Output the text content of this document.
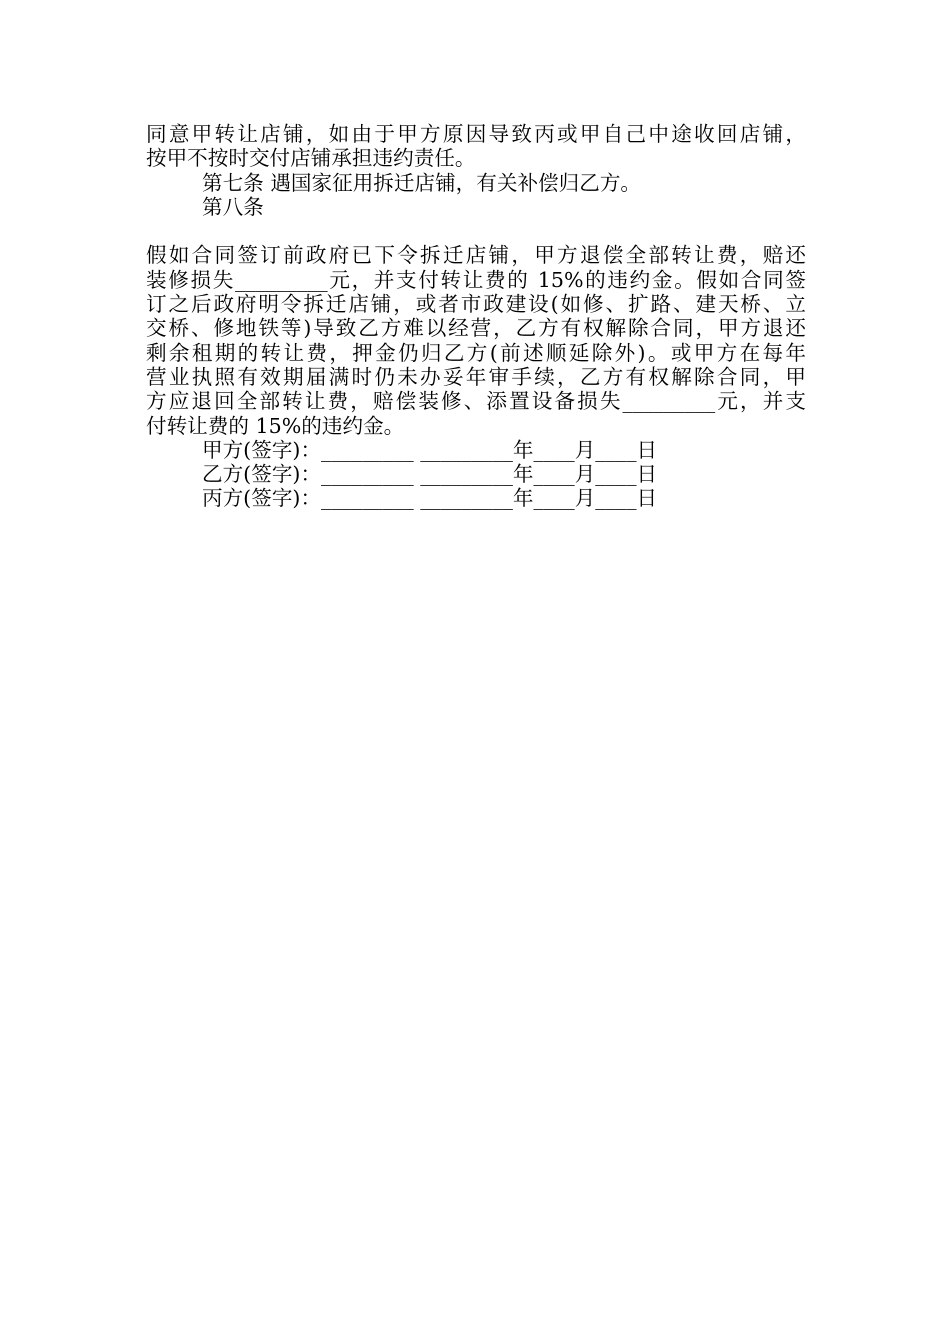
同意甲转让店铺，如由于甲方原因导致丙或甲自己中途收回店铺，
按甲不按时交付店铺承担违约责任。
第七条 遇国家征用拆迁店铺，有关补偿归乙方。
第八条
假如合同签订前政府已下令拆迁店铺，甲方退偿全部转让费，赔还
装修损失_________元，并支付转让费的 15%的违约金。假如合同签
订之后政府明令拆迁店铺，或者市政建设(如修、扩路、建天桥、立
交桥、修地铁等)导致乙方难以经营，乙方有权解除合同，甲方退还
剩余租期的转让费，押金仍归乙方(前述顺延除外)。或甲方在每年
营业执照有效期届满时仍未办妥年审手续，乙方有权解除合同，甲
方应退回全部转让费，赔偿装修、添置设备损失_________元，并支
付转让费的 15%的违约金。
甲方(签字)：_________ _________年____月____日
乙方(签字)：_________ _________年____月____日
丙方(签字)：_________ _________年____月____日
